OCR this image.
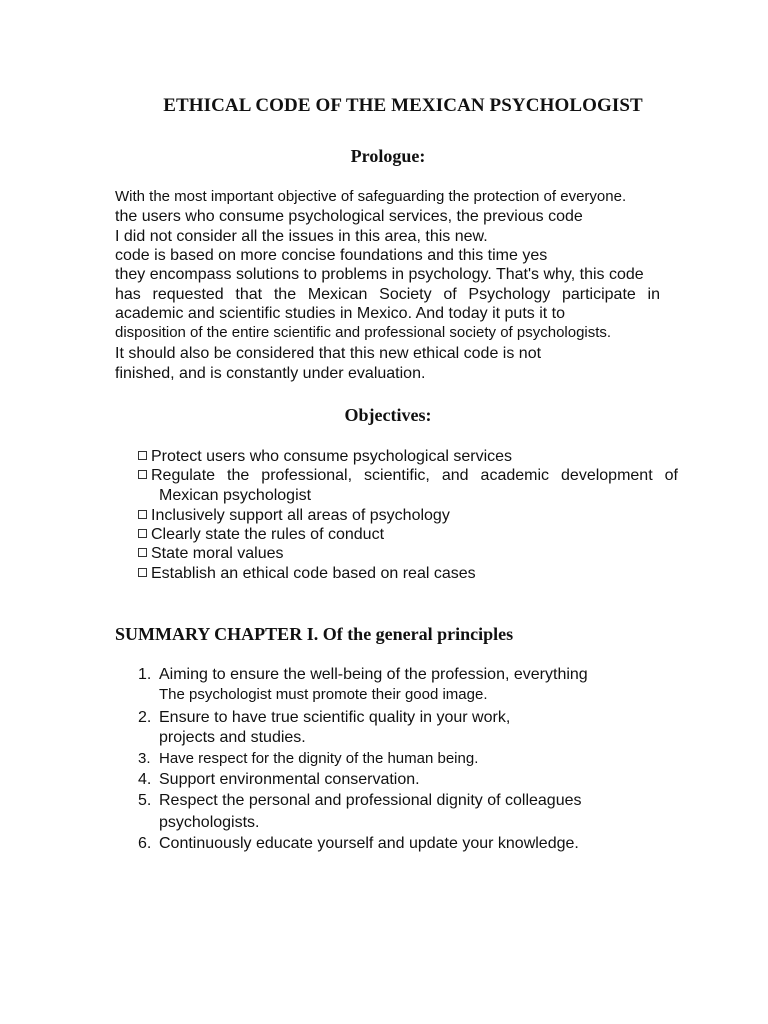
ETHICAL CODE OF THE MEXICAN PSYCHOLOGIST
Prologue:
With the most important objective of safeguarding the protection of everyone.
the users who consume psychological services, the previous code
I did not consider all the issues in this area, this new.
code is based on more concise foundations and this time yes
they encompass solutions to problems in psychology. That's why, this code
has requested that the Mexican Society of Psychology participate in
academic and scientific studies in Mexico. And today it puts it to
disposition of the entire scientific and professional society of psychologists.
It should also be considered that this new ethical code is not
finished, and is constantly under evaluation.
Objectives:
Protect users who consume psychological services
Regulate the professional, scientific, and academic development of
Mexican psychologist
Inclusively support all areas of psychology
Clearly state the rules of conduct
State moral values
Establish an ethical code based on real cases
SUMMARY CHAPTER I. Of the general principles
1. Aiming to ensure the well-being of the profession, everything
The psychologist must promote their good image.
2. Ensure to have true scientific quality in your work,
projects and studies.
3. Have respect for the dignity of the human being.
4. Support environmental conservation.
5. Respect the personal and professional dignity of colleagues
psychologists.
6. Continuously educate yourself and update your knowledge.
